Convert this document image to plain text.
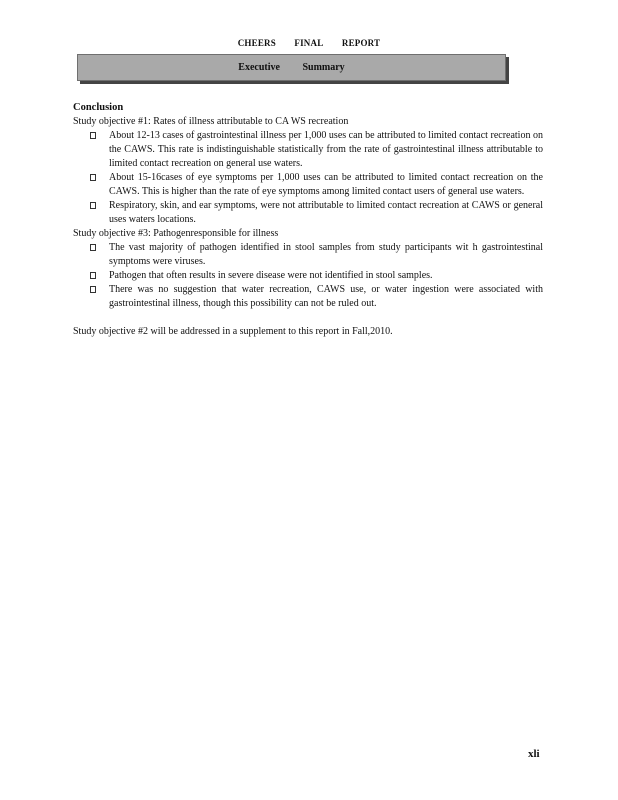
CHEERS FINAL REPORT
Executive Summary
Conclusion
Study objective #1: Rates of illness attributable to CA WS recreation
About 12-13 cases of gastrointestinal illness per 1,000 uses can be attributed to limited contact recreation on the CAWS. This rate is indistinguishable statistically from the rate of gastrointestinal illness attributable to limited contact recreation on general use waters.
About 15-16cases of eye symptoms per 1,000 uses can be attributed to limited contact recreation on the CAWS. This is higher than the rate of eye symptoms among limited contact users of general use waters.
Respiratory, skin, and ear symptoms, were not attributable to limited contact recreation at CAWS or general uses waters locations.
Study objective #3: Pathogenresponsible for illness
The vast majority of pathogen identified in stool samples from study participants wit h gastrointestinal symptoms were viruses.
Pathogen that often results in severe disease were not identified in stool samples.
There was no suggestion that water recreation, CAWS use, or water ingestion were associated with gastrointestinal illness, though this possibility can not be ruled out.
Study objective #2 will be addressed in a supplement to this report in Fall,2010.
xli
